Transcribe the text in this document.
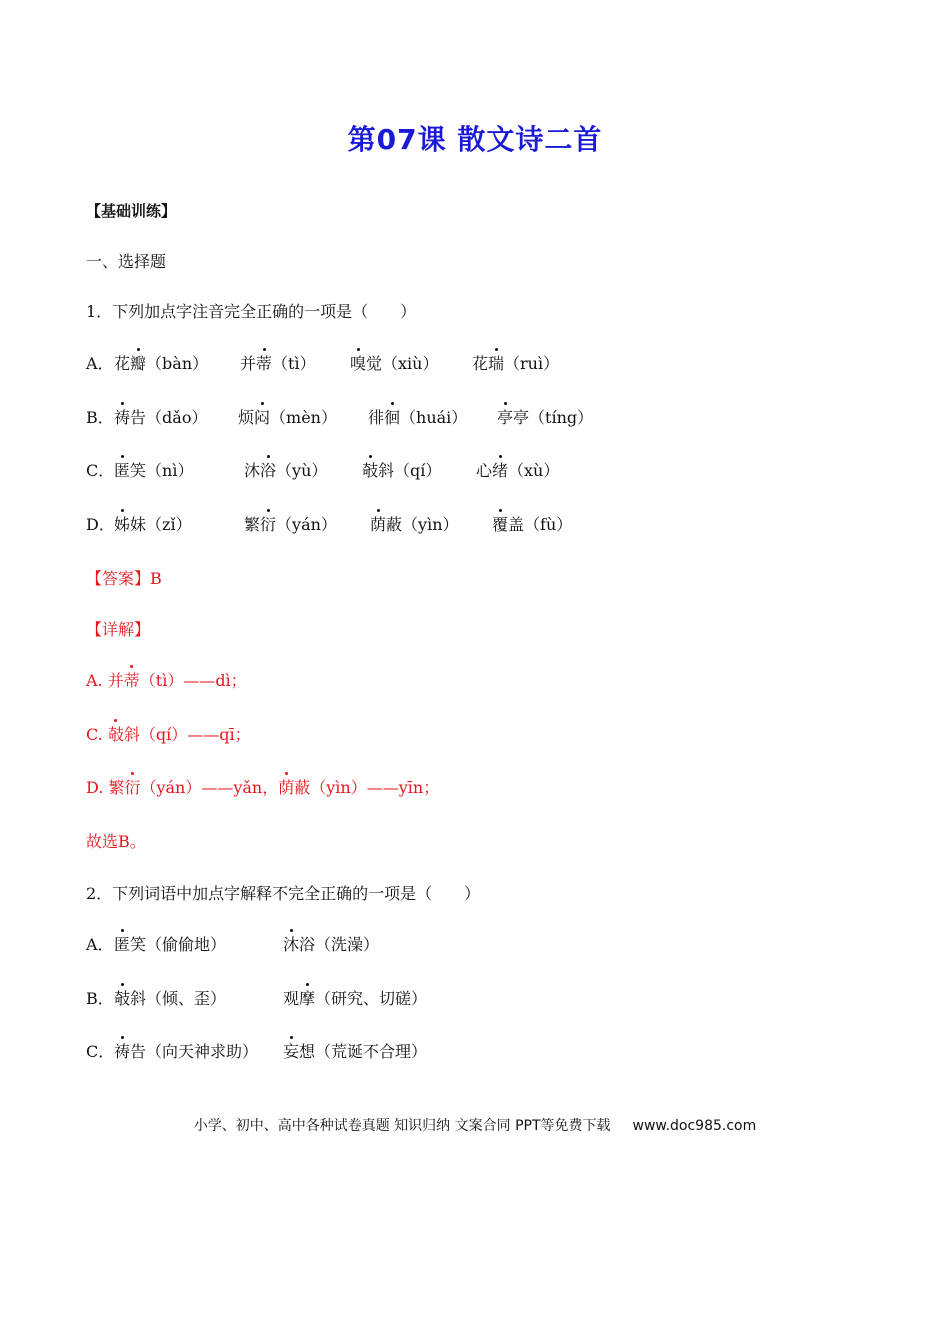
第07课 散文诗二首
【基础训练】
一、选择题
1．下列加点字注音完全正确的一项是（　　）
A． 花瓣（bàn） 并蒂（tì） 嗅觉（xiù） 花瑞（ruì）
B． 祷告（dǎo） 烦闷（mèn） 徘徊（huái） 亭亭（tíng）
C． 匿笑（nì）	沐浴（yù） 攲斜（qí） 心绪（xù）
D． 姊妹（zǐ）	繁衍（yán） 荫蔽（yìn） 覆盖（fù）
【答案】B
【详解】
A. 并蒂（tì）——dì；
C. 攲斜（qí）——qī；
D. 繁衍（yán）——yǎn，荫蔽（yìn）——yīn；
故选B。
2．下列词语中加点字解释不完全正确的一项是（　　）
A． 匿笑（偷偷地）	沐浴（洗澡）
B． 攲斜（倾、歪）	观摩（研究、切磋）
C． 祷告（向天神求助） 妄想（荒诞不合理）
小学、初中、高中各种试卷真题 知识归纳 文案合同 PPT等免费下载 www.doc985.com
